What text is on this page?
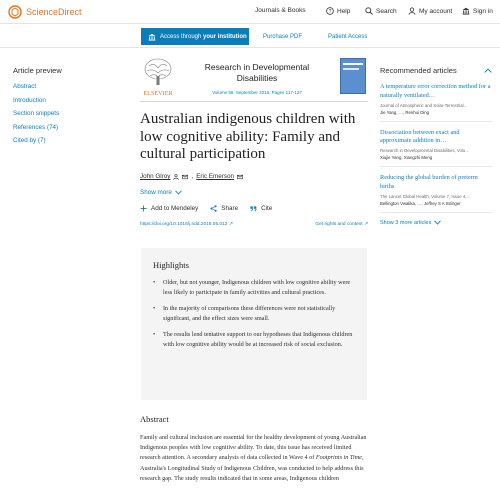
ScienceDirect	Journals & Books	? Help	Search	My account	Sign in
Access through your institution	Purchase PDF	Patient Access
Article preview
Abstract
Introduction
Section snippets
References (74)
Cited by (7)
ELSEVIER
Research in Developmental Disabilities
Volume 56, September 2016, Pages 117-127
Australian indigenous children with low cognitive ability: Family and cultural participation
John Glroy	, Eric Emerson
Show more
Add to Mendeley	Share	Cite
https://doi.org/10.1016/j.ridd.2016.05.012 ↗	Get rights and content ↗
Highlights
• Older, but not younger, Indigenous children with low cognitive ability were less likely to participate in family activities and cultural practices.
• In the majority of comparisons these differences were not statistically significant, and the effect sizes were small.
• The results lend tentative support to our hypotheses that Indigenous children with low cognitive ability would be at increased risk of social exclusion.
Abstract

Family and cultural inclusion are essential for the healthy development of young Australian Indigenous peoples with low cognitive ability. To date, this issue has received limited research attention. A secondary analysis of data collected in Wave 4 of Footprints in Time, Australia's Longitudinal Study of Indigenous Children, was conducted to help address this research gap. The study results indicated that in some areas, Indigenous children

Recommended articles
A temperature error correction method for a naturally ventilated…
Journal of Atmospheric and Solar-Terrestrial…
Jie Yang, …, Renhui Ding
Dissociation between exact and approximate addition in…
Research in Developmental Disabilities, Volu…
Xiujie Yang, Xiangzhi Meng
Reducing the global burden of preterm births
The Lancet Global Health, Volume 7, Issue 4,…
Bellington Vwalika, …, Jeffrey S A Stringer
Show 3 more articles
